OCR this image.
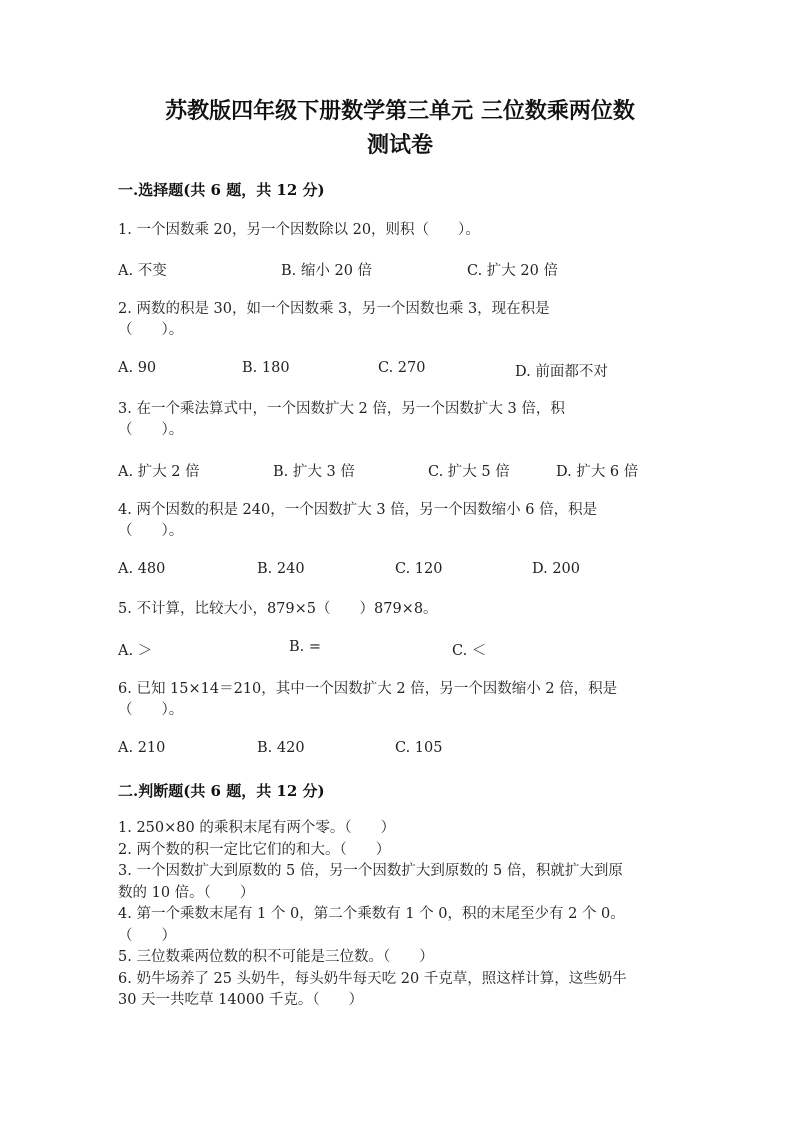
苏教版四年级下册数学第三单元 三位数乘两位数
测试卷
一.选择题(共 6 题，共 12 分)
1. 一个因数乘 20，另一个因数除以 20，则积（　　）。
A. 不变	B. 缩小 20 倍	C. 扩大 20 倍
2. 两数的积是 30，如一个因数乘 3，另一个因数也乘 3，现在积是
（　　）。
A. 90	B. 180	C. 270	D. 前面都不对
3. 在一个乘法算式中，一个因数扩大 2 倍，另一个因数扩大 3 倍，积
（　　）。
A. 扩大 2 倍	B. 扩大 3 倍	C. 扩大 5 倍	D. 扩大 6 倍
4. 两个因数的积是 240，一个因数扩大 3 倍，另一个因数缩小 6 倍，积是
（　　）。
A. 480	B. 240	C. 120	D. 200
5. 不计算，比较大小，879×5（　　）879×8。
A. ＞	B. =	C. ＜
6. 已知 15×14＝210，其中一个因数扩大 2 倍，另一个因数缩小 2 倍，积是
（　　）。
A. 210	B. 420	C. 105
二.判断题(共 6 题，共 12 分)
1. 250×80 的乘积末尾有两个零。（　　）
2. 两个数的积一定比它们的和大。（　　）
3. 一个因数扩大到原数的 5 倍，另一个因数扩大到原数的 5 倍，积就扩大到原
数的 10 倍。（　　）
4. 第一个乘数末尾有 1 个 0，第二个乘数有 1 个 0，积的末尾至少有 2 个 0。
（　　）
5. 三位数乘两位数的积不可能是三位数。（　　）
6. 奶牛场养了 25 头奶牛，每头奶牛每天吃 20 千克草，照这样计算，这些奶牛
30 天一共吃草 14000 千克。（　　）
